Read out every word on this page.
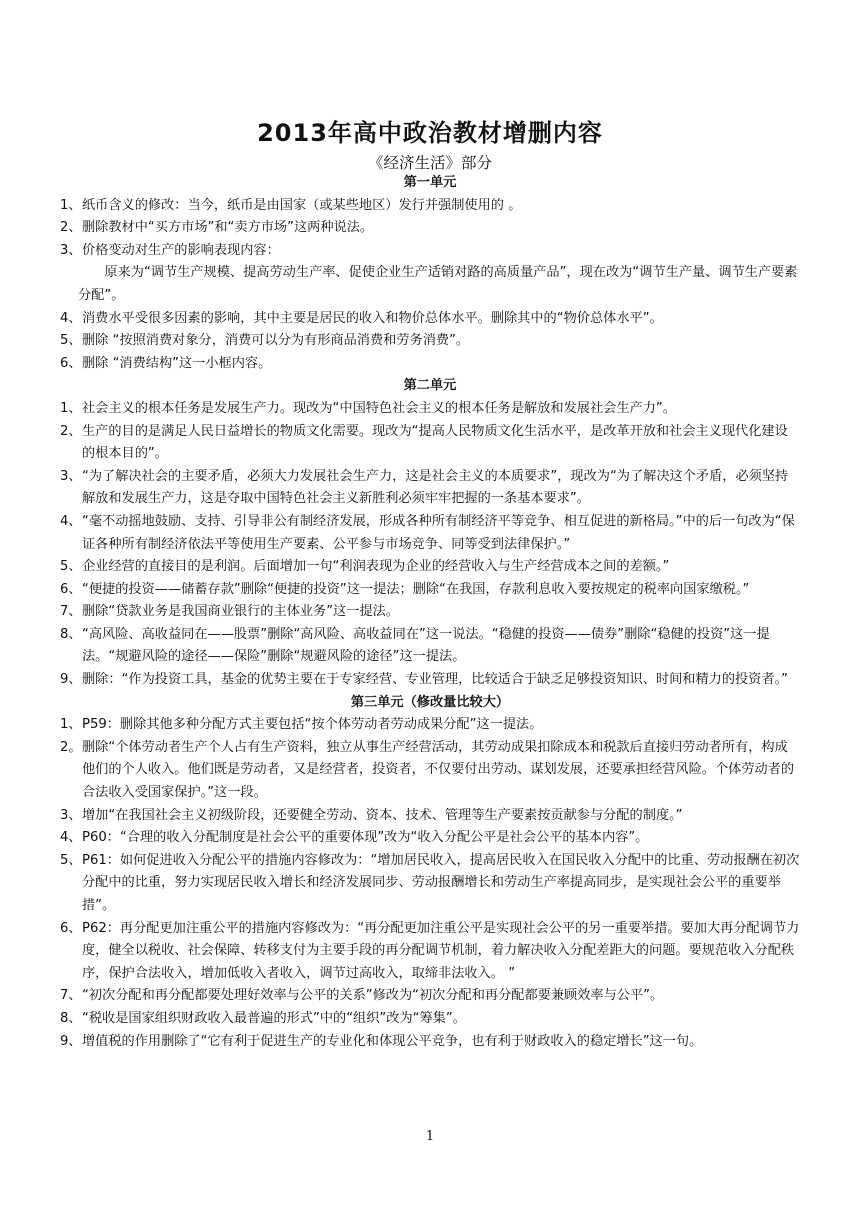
2013年高中政治教材增删内容
《经济生活》部分

第一单元

1、 纸币含义的修改：当今，纸币是由国家（或某些地区）发行并强制使用的 。

2、 删除教材中“买方市场”和“卖方市场”这两种说法。

3、 价格变动对生产的影响表现内容：

原来为“调节生产规模、提高劳动生产率、促使企业生产适销对路的高质量产品”，现在改为“调节生产量、调节生产要素分配”。

4、 消费水平受很多因素的影响，其中主要是居民的收入和物价总体水平。删除其中的“物价总体水平”。

5、 删除 “按照消费对象分，消费可以分为有形商品消费和劳务消费”。

6、 删除 “消费结构”这一小框内容。

第二单元

1、 社会主义的根本任务是发展生产力。现改为“中国特色社会主义的根本任务是解放和发展社会生产力”。

2、 生产的目的是满足人民日益增长的物质文化需要。现改为“提高人民物质文化生活水平，是改革开放和社会主义现代化建设的根本目的”。

3、 “为了解决社会的主要矛盾，必须大力发展社会生产力，这是社会主义的本质要求”，现改为“为了解决这个矛盾，必须坚持解放和发展生产力，这是夺取中国特色社会主义新胜利必须牢牢把握的一条基本要求”。

4、 “毫不动摇地鼓励、支持、引导非公有制经济发展，形成各种所有制经济平等竞争、相互促进的新格局。”中的后一句改为“保证各种所有制经济依法平等使用生产要素、公平参与市场竞争、同等受到法律保护。”

5、 企业经营的直接目的是利润。后面增加一句“利润表现为企业的经营收入与生产经营成本之间的差额。”

6、 “便捷的投资——储蓄存款”删除“便捷的投资”这一提法；删除“在我国，存款利息收入要按规定的税率向国家缴税。”

7、 删除“贷款业务是我国商业银行的主体业务”这一提法。

8、 “高风险、高收益同在——股票”删除“高风险、高收益同在”这一说法。“稳健的投资——债券”删除“稳健的投资”这一提法。“规避风险的途径——保险”删除“规避风险的途径”这一提法。

9、 删除：“作为投资工具，基金的优势主要在于专家经营、专业管理，比较适合于缺乏足够投资知识、时间和精力的投资者。”

第三单元（修改量比较大）

1、 P59：删除其他多种分配方式主要包括“按个体劳动者劳动成果分配”这一提法。

2。 删除“个体劳动者生产个人占有生产资料，独立从事生产经营活动，其劳动成果扣除成本和税款后直接归劳动者所有，构成他们的个人收入。他们既是劳动者，又是经营者，投资者，不仅要付出劳动、谋划发展，还要承担经营风险。个体劳动者的合法收入受国家保护。”这一段。

3、 增加“在我国社会主义初级阶段，还要健全劳动、资本、技术、管理等生产要素按贡献参与分配的制度。”

4、 P60：“合理的收入分配制度是社会公平的重要体现”改为“收入分配公平是社会公平的基本内容”。

5、 P61：如何促进收入分配公平的措施内容修改为：“增加居民收入，提高居民收入在国民收入分配中的比重、劳动报酬在初次分配中的比重，努力实现居民收入增长和经济发展同步、劳动报酬增长和劳动生产率提高同步，是实现社会公平的重要举措”。

6、 P62：再分配更加注重公平的措施内容修改为：“再分配更加注重公平是实现社会公平的另一重要举措。要加大再分配调节力度，健全以税收、社会保障、转移支付为主要手段的再分配调节机制，着力解决收入分配差距大的问题。要规范收入分配秩序，保护合法收入，增加低收入者收入，调节过高收入，取缔非法收入。 ”

7、 “初次分配和再分配都要处理好效率与公平的关系”修改为“初次分配和再分配都要兼顾效率与公平”。

8、 “税收是国家组织财政收入最普遍的形式”中的“组织”改为“筹集”。

9、 增值税的作用删除了“它有利于促进生产的专业化和体现公平竞争，也有利于财政收入的稳定增长”这一句。

1
